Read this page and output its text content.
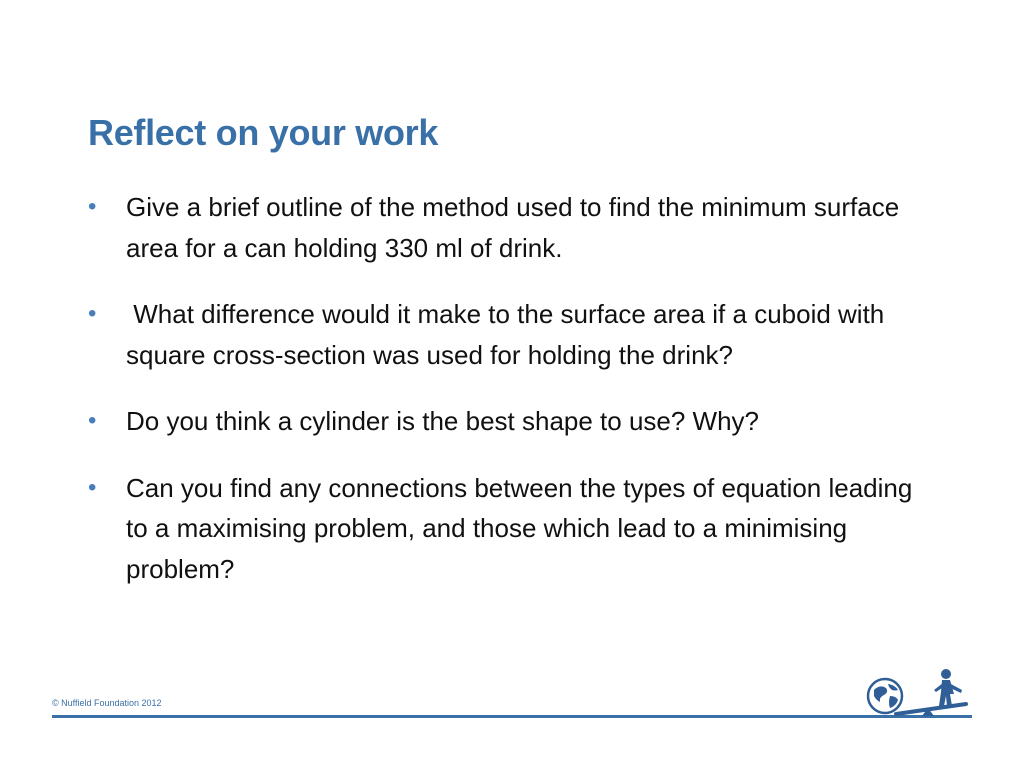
Reflect on your work
• Give a brief outline of the method used to find the minimum surface area for a can holding 330 ml of drink.
• What difference would it make to the surface area if a cuboid with square cross-section was used for holding the drink?
• Do you think a cylinder is the best shape to use? Why?
• Can you find any connections between the types of equation leading to a maximising problem, and those which lead to a minimising problem?
© Nuffield Foundation 2012
